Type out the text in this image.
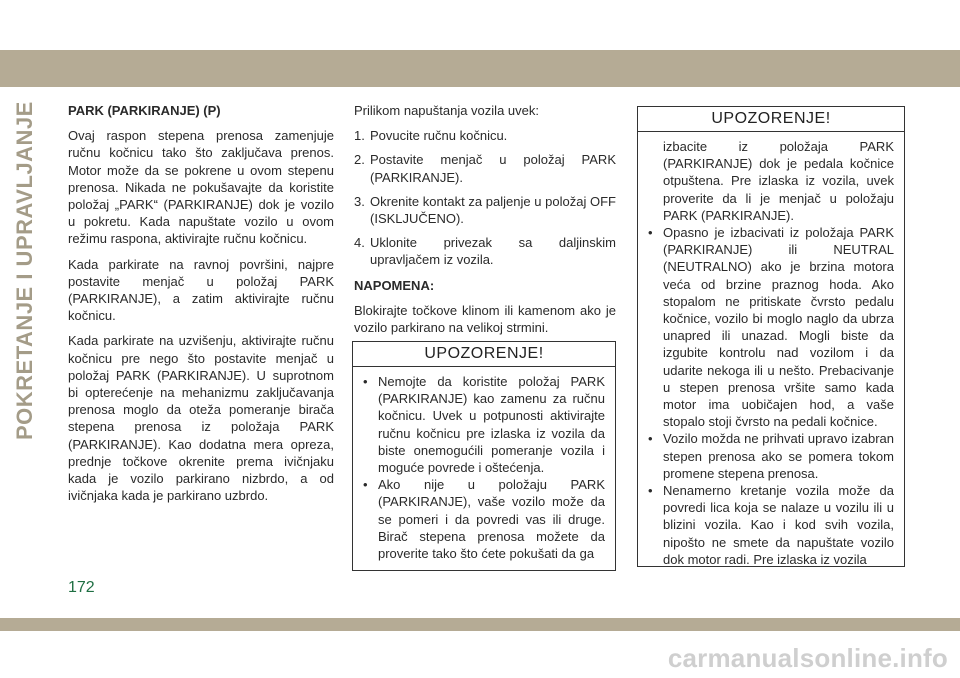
POKRETANJE I UPRAVLJANJE PARK (PARKIRANJE) (P)

Ovaj raspon stepena prenosa zamenjuje ručnu kočnicu tako što zaključava prenos. Motor može da se pokrene u ovom stepenu prenosa. Nikada ne pokušavajte da koristite položaj „PARK“ (PARKIRANJE) dok je vozilo u pokretu. Kada napuštate vozilo u ovom režimu raspona, aktivirajte ručnu kočnicu.

Kada parkirate na ravnoj površini, najpre postavite menjač u položaj PARK (PARKIRANJE), a zatim aktivirajte ručnu kočnicu.

Kada parkirate na uzvišenju, aktivirajte ručnu kočnicu pre nego što postavite menjač u položaj PARK (PARKIRANJE). U suprotnom bi opterećenje na mehanizmu zaključavanja prenosa moglo da oteža pomeranje birača stepena prenosa iz položaja PARK (PARKIRANJE). Kao dodatna mera opreza, prednje točkove okrenite prema ivičnjaku kada je vozilo parkirano nizbrdo, a od ivičnjaka kada je parkirano uzbrdo.

Prilikom napuštanja vozila uvek:

1. Povucite ručnu kočnicu.
2. Postavite menjač u položaj PARK (PARKIRANJE).
3. Okrenite kontakt za paljenje u položaj OFF (ISKLJUČENO).
4. Uklonite privezak sa daljinskim upravljačem iz vozila.

NAPOMENA:

Blokirajte točkove klinom ili kamenom ako je vozilo parkirano na velikoj strmini.

UPOZORENJE!
• Nemojte da koristite položaj PARK (PARKIRANJE) kao zamenu za ručnu kočnicu. Uvek u potpunosti aktivirajte ručnu kočnicu pre izlaska iz vozila da biste onemogućili pomeranje vozila i moguće povrede i oštećenja.
• Ako nije u položaju PARK (PARKIRANJE), vaše vozilo može da se pomeri i da povredi vas ili druge. Birač stepena prenosa možete da proverite tako što ćete pokušati da ga
UPOZORENJE!
izbacite iz položaja PARK (PARKIRANJE) dok je pedala kočnice otpuštena. Pre izlaska iz vozila, uvek proverite da li je menjač u položaju PARK (PARKIRANJE).
• Opasno je izbacivati iz položaja PARK (PARKIRANJE) ili NEUTRAL (NEUTRALNO) ako je brzina motora veća od brzine praznog hoda. Ako stopalom ne pritiskate čvrsto pedalu kočnice, vozilo bi moglo naglo da ubrza unapred ili unazad. Mogli biste da izgubite kontrolu nad vozilom i da udarite nekoga ili u nešto. Prebacivanje u stepen prenosa vršite samo kada motor ima uobičajen hod, a vaše stopalo stoji čvrsto na pedali kočnice.
• Vozilo možda ne prihvati upravo izabran stepen prenosa ako se pomera tokom promene stepena prenosa.
• Nenamerno kretanje vozila može da povredi lica koja se nalaze u vozilu ili u blizini vozila. Kao i kod svih vozila, nipošto ne smete da napuštate vozilo dok motor radi. Pre izlaska iz vozila
172
carmanualsonline.info
